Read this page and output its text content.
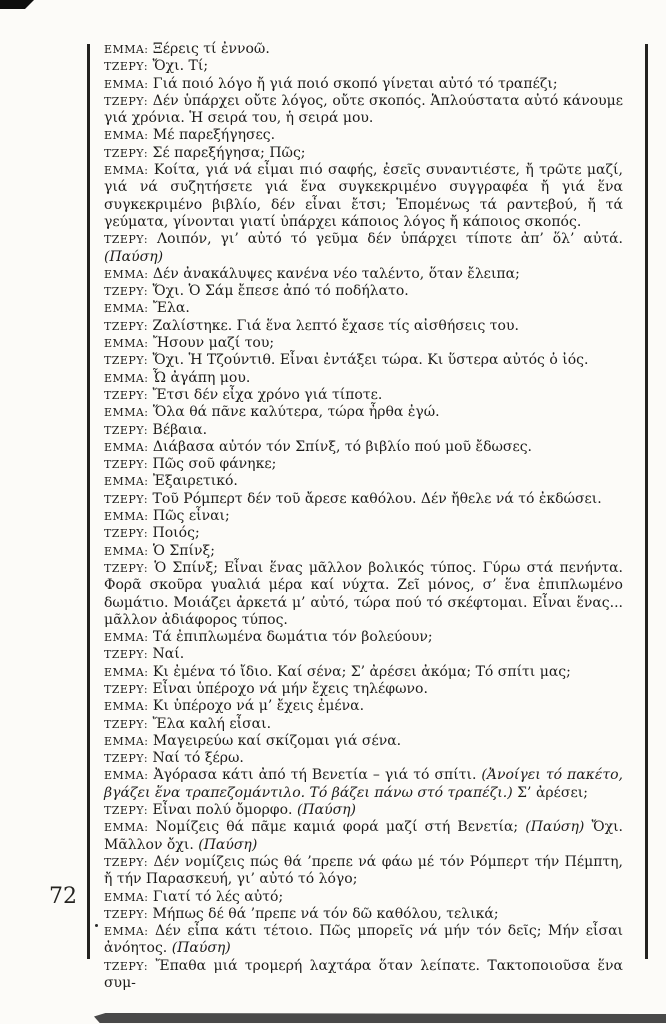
72

ΕΜΜΑ: Ξέρεις τί ἐννοῶ.

ΤΖΕΡΥ: Ὄχι. Τί;

ΕΜΜΑ: Γιά ποιό λόγο ἤ γιά ποιό σκοπό γίνεται αὐτό τό τραπέζι;

ΤΖΕΡΥ: Δέν ὑπάρχει οὔτε λόγος, οὔτε σκοπός. Ἁπλούστατα αὐτό κάνουμε γιά χρόνια. Ἡ σειρά του, ἡ σειρά μου.

ΕΜΜΑ: Μέ παρεξήγησες.

ΤΖΕΡΥ: Σέ παρεξήγησα; Πῶς;

ΕΜΜΑ: Κοίτα, γιά νά εἶμαι πιό σαφής, ἐσεῖς συναντιέστε, ἤ τρῶτε μαζί, γιά νά συζητήσετε γιά ἕνα συγκεκριμένο συγγραφέα ἤ γιά ἕνα συγκεκριμένο βιβλίο, δέν εἶναι ἔτσι; Ἑπομένως τά ραντεβού, ἤ τά γεύματα, γίνονται γιατί ὑπάρχει κάποιος λόγος ἤ κάποιος σκοπός.

ΤΖΕΡΥ: Λοιπόν, γι’ αὐτό τό γεῦμα δέν ὑπάρχει τίποτε ἀπ’ ὅλ’ αὐτά. (Παύση)

ΕΜΜΑ: Δέν ἀνακάλυψες κανένα νέο ταλέντο, ὅταν ἔλειπα;

ΤΖΕΡΥ: Ὄχι. Ὁ Σάμ ἔπεσε ἀπό τό ποδήλατο.

ΕΜΜΑ: Ἔλα.

ΤΖΕΡΥ: Ζαλίστηκε. Γιά ἕνα λεπτό ἔχασε τίς αἰσθήσεις του.

ΕΜΜΑ: Ἤσουν μαζί του;

ΤΖΕΡΥ: Ὄχι. Ἡ Τζούντιθ. Εἶναι ἐντάξει τώρα. Κι ὕστερα αὐτός ὁ ἰός.

ΕΜΜΑ: Ὦ ἀγάπη μου.

ΤΖΕΡΥ: Ἔτσι δέν εἶχα χρόνο γιά τίποτε.

ΕΜΜΑ: Ὅλα θά πᾶνε καλύτερα, τώρα ἦρθα ἐγώ.

ΤΖΕΡΥ: Βέβαια.

ΕΜΜΑ: Διάβασα αὐτόν τόν Σπίνξ, τό βιβλίο πού μοῦ ἔδωσες.

ΤΖΕΡΥ: Πῶς σοῦ φάνηκε;

ΕΜΜΑ: Ἐξαιρετικό.

ΤΖΕΡΥ: Τοῦ Ρόμπερτ δέν τοῦ ἄρεσε καθόλου. Δέν ἤθελε νά τό ἐκδώσει.

ΕΜΜΑ: Πῶς εἶναι;

ΤΖΕΡΥ: Ποιός;

ΕΜΜΑ: Ὁ Σπίνξ;

ΤΖΕΡΥ: Ὁ Σπίνξ; Εἶναι ἕνας μᾶλλον βολικός τύπος. Γύρω στά πενήντα. Φορᾶ σκοῦρα γυαλιά μέρα καί νύχτα. Ζεῖ μόνος, σ’ ἕνα ἐπιπλωμένο δωμάτιο. Μοιάζει ἀρκετά μ’ αὐτό, τώρα πού τό σκέφτομαι. Εἶναι ἕνας... μᾶλλον ἀδιάφορος τύπος.

ΕΜΜΑ: Τά ἐπιπλωμένα δωμάτια τόν βολεύουν;

ΤΖΕΡΥ: Ναί.

ΕΜΜΑ: Κι ἐμένα τό ἴδιο. Καί σένα; Σ’ ἀρέσει ἀκόμα; Τό σπίτι μας;

ΤΖΕΡΥ: Εἶναι ὑπέροχο νά μήν ἔχεις τηλέφωνο.

ΕΜΜΑ: Κι ὑπέροχο νά μ’ ἔχεις ἐμένα.

ΤΖΕΡΥ: Ἔλα καλή εἶσαι.

ΕΜΜΑ: Μαγειρεύω καί σκίζομαι γιά σένα.

ΤΖΕΡΥ: Ναί τό ξέρω.

ΕΜΜΑ: Ἀγόρασα κάτι ἀπό τή Βενετία – γιά τό σπίτι. (Ἀνοίγει τό πακέτο, βγάζει ἕνα τραπεζομάντιλο. Τό βάζει πάνω στό τραπέζι.) Σ’ ἀρέσει;

ΤΖΕΡΥ: Εἶναι πολύ ὄμορφο. (Παύση)

ΕΜΜΑ: Νομίζεις θά πᾶμε καμιά φορά μαζί στή Βενετία; (Παύση) Ὄχι. Μᾶλλον ὄχι. (Παύση)

ΤΖΕΡΥ: Δέν νομίζεις πώς θά ’πρεπε νά φάω μέ τόν Ρόμπερτ τήν Πέμπτη, ἤ τήν Παρασκευή, γι’ αὐτό τό λόγο;

ΕΜΜΑ: Γιατί τό λές αὐτό;

ΤΖΕΡΥ: Μήπως δέ θά ’πρεπε νά τόν δῶ καθόλου, τελικά;

ΕΜΜΑ: Δέν εἶπα κάτι τέτοιο. Πῶς μπορεῖς νά μήν τόν δεῖς; Μήν εἶσαι ἀνόητος. (Παύση)

ΤΖΕΡΥ: Ἔπαθα μιά τρομερή λαχτάρα ὅταν λείπατε. Τακτοποιοῦσα ἕνα συμ-
